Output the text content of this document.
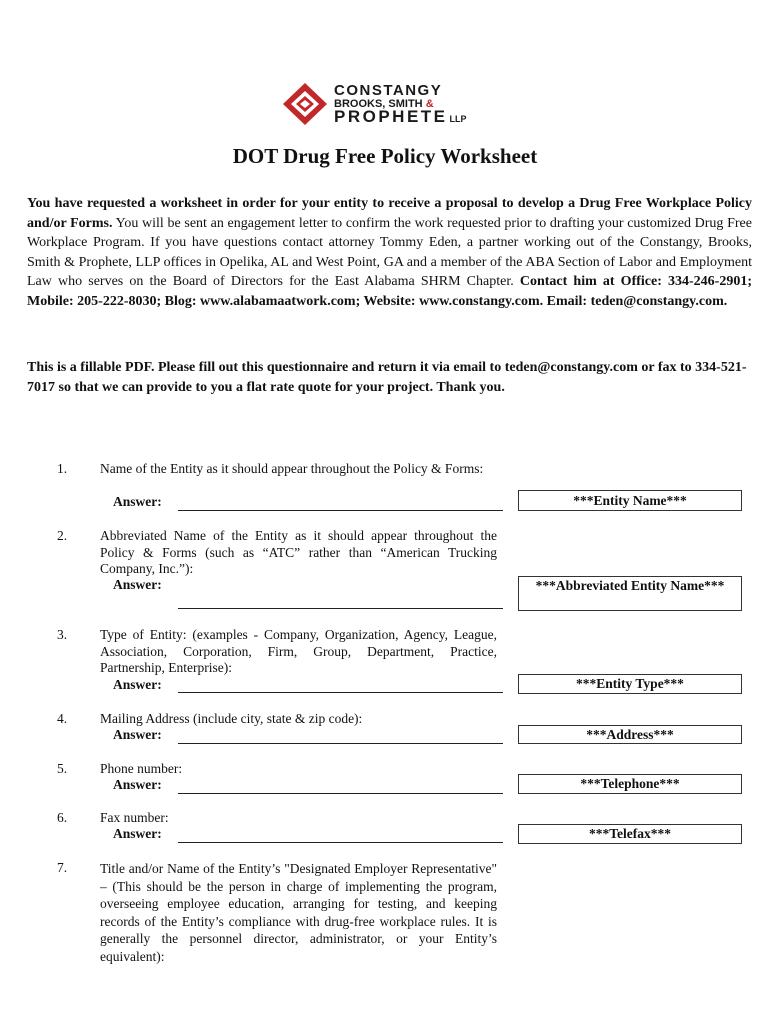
CONSTANGY
BROOKS, SMITH &
PROPHETE LLP
DOT Drug Free Policy Worksheet
You have requested a worksheet in order for your entity to receive a proposal to develop a Drug Free Workplace Policy and/or Forms. You will be sent an engagement letter to confirm the work requested prior to drafting your customized Drug Free Workplace Program. If you have questions contact attorney Tommy Eden, a partner working out of the Constangy, Brooks, Smith & Prophete, LLP offices in Opelika, AL and West Point, GA and a member of the ABA Section of Labor and Employment Law who serves on the Board of Directors for the East Alabama SHRM Chapter. Contact him at Office: 334-246-2901; Mobile: 205-222-8030; Blog: www.alabamaatwork.com; Website: www.constangy.com. Email: teden@constangy.com.
This is a fillable PDF. Please fill out this questionnaire and return it via email to teden@constangy.com or fax to 334-521-7017 so that we can provide to you a flat rate quote for your project. Thank you.
1. Name of the Entity as it should appear throughout the Policy & Forms:
Answer:	***Entity Name***
2. Abbreviated Name of the Entity as it should appear throughout the Policy & Forms (such as “ATC” rather than “American Trucking Company, Inc.”):
Answer:	***Abbreviated Entity Name***
3. Type of Entity: (examples - Company, Organization, Agency, League, Association, Corporation, Firm, Group, Department, Practice, Partnership, Enterprise):
Answer:	***Entity Type***
4. Mailing Address (include city, state & zip code):
Answer:	***Address***
5. Phone number:
Answer:	***Telephone***
6. Fax number:
Answer:	***Telefax***
7. Title and/or Name of the Entity’s "Designated Employer Representative" – (This should be the person in charge of implementing the program, overseeing employee education, arranging for testing, and keeping records of the Entity’s compliance with drug-free workplace rules. It is generally the personnel director, administrator, or your Entity’s equivalent):
